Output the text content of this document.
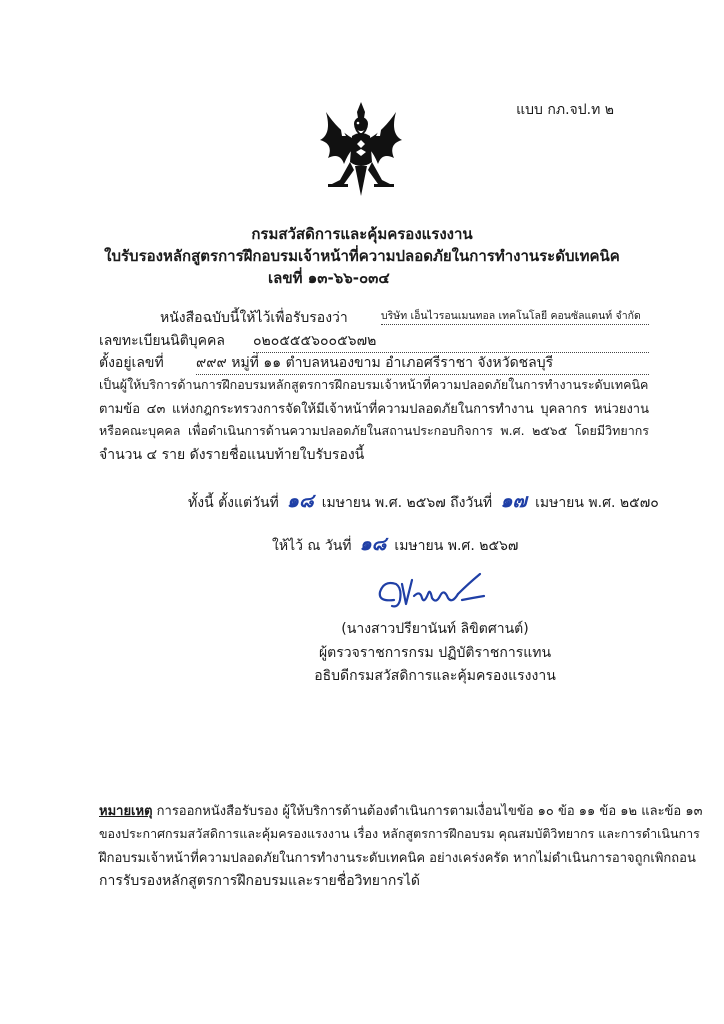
แบบ กภ.จป.ท ๒
กรมสวัสดิการและคุ้มครองแรงงาน
ใบรับรองหลักสูตรการฝึกอบรมเจ้าหน้าที่ความปลอดภัยในการทำงานระดับเทคนิค
เลขที่ ๑๓-๖๖-๐๓๔
หนังสือฉบับนี้ให้ไว้เพื่อรับรองว่า	บริษัท เอ็นไวรอนเมนทอล เทคโนโลยี คอนซัลแตนท์ จำกัด
เลขทะเบียนนิติบุคคล ๐๒๐๕๕๕๖๐๐๕๖๗๒
ตั้งอยู่เลขที่ ๙๙๙ หมู่ที่ ๑๑ ตำบลหนองขาม อำเภอศรีราชา จังหวัดชลบุรี
เป็นผู้ให้บริการด้านการฝึกอบรมหลักสูตรการฝึกอบรมเจ้าหน้าที่ความปลอดภัยในการทำงานระดับเทคนิค
ตามข้อ ๔๓ แห่งกฎกระทรวงการจัดให้มีเจ้าหน้าที่ความปลอดภัยในการทำงาน บุคลากร หน่วยงาน
หรือคณะบุคคล เพื่อดำเนินการด้านความปลอดภัยในสถานประกอบกิจการ พ.ศ. ๒๕๖๕ โดยมีวิทยากร
จำนวน ๔ ราย ดังรายชื่อแนบท้ายใบรับรองนี้
ทั้งนี้ ตั้งแต่วันที่ ๑๘ เมษายน พ.ศ. ๒๕๖๗ ถึงวันที่ ๑๗ เมษายน พ.ศ. ๒๕๗๐
ให้ไว้ ณ วันที่ ๑๘ เมษายน พ.ศ. ๒๕๖๗
(นางสาวปรียานันท์ ลิขิตศานต์)
ผู้ตรวจราชการกรม ปฏิบัติราชการแทน
อธิบดีกรมสวัสดิการและคุ้มครองแรงงาน
หมายเหตุ การออกหนังสือรับรอง ผู้ให้บริการด้านต้องดำเนินการตามเงื่อนไขข้อ ๑๐ ข้อ ๑๑ ข้อ ๑๒ และข้อ ๑๓
ของประกาศกรมสวัสดิการและคุ้มครองแรงงาน เรื่อง หลักสูตรการฝึกอบรม คุณสมบัติวิทยากร และการดำเนินการ
ฝึกอบรมเจ้าหน้าที่ความปลอดภัยในการทำงานระดับเทคนิค อย่างเคร่งครัด หากไม่ดำเนินการอาจถูกเพิกถอน
การรับรองหลักสูตรการฝึกอบรมและรายชื่อวิทยากรได้
